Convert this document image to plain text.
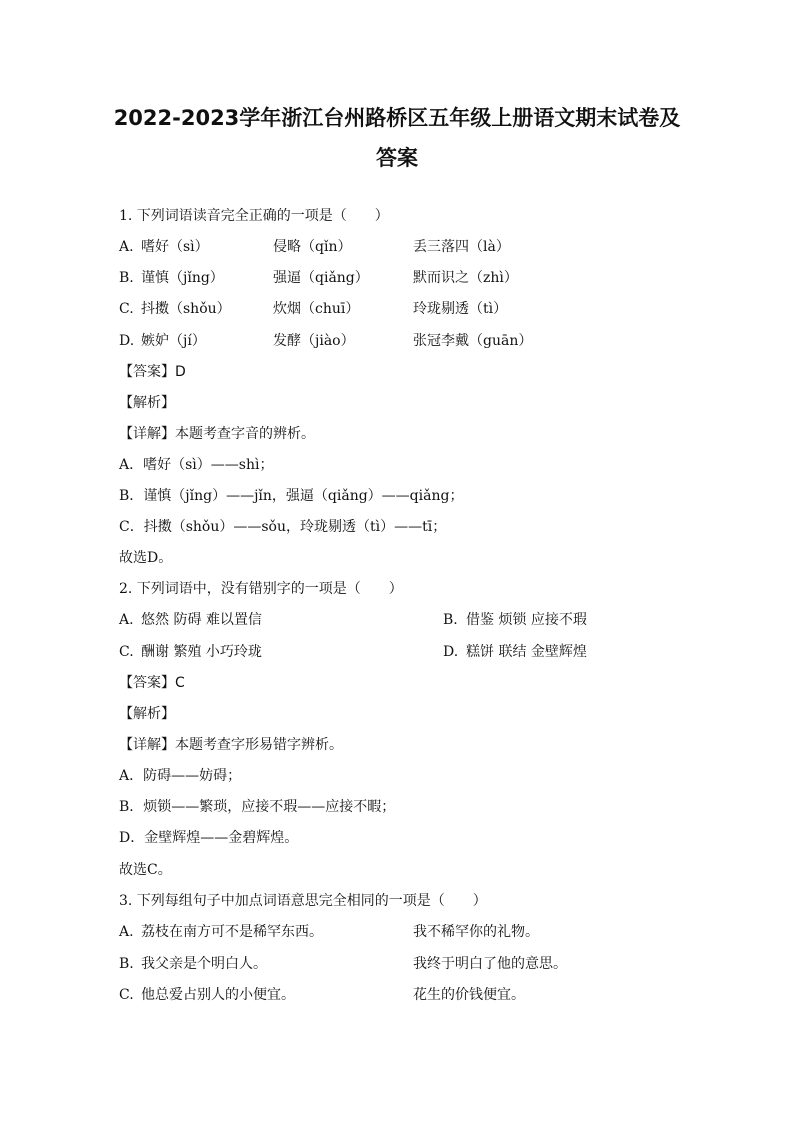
2022-2023学年浙江台州路桥区五年级上册语文期末试卷及
答案
1. 下列词语读音完全正确的一项是（　　）
A. 嗜好（sì）	侵略（qǐn）	丢三落四（là）
B. 谨慎（jǐng）	强逼（qiǎng）	默而识之（zhì）
C. 抖擞（shǒu）	炊烟（chuī）	玲珑剔透（tì）
D. 嫉妒（jí）	发酵（jiào）	张冠李戴（guān）
【答案】D
【解析】
【详解】本题考查字音的辨析。
A．嗜好（sì）——shì；
B．谨慎（jǐng）——jǐn，强逼（qiǎng）——qiǎng；
C．抖擞（shǒu）——sǒu，玲珑剔透（tì）——tī；
故选D。
2. 下列词语中，没有错别字的一项是（　　）
A. 悠然 防碍 难以置信	B. 借鉴 烦锁 应接不瑕
C. 酬谢 繁殖 小巧玲珑	D. 糕饼 联结 金壁辉煌
【答案】C
【解析】
【详解】本题考查字形易错字辨析。
A．防碍——妨碍；
B．烦锁——繁琐，应接不瑕——应接不暇；
D．金壁辉煌——金碧辉煌。
故选C。
3. 下列每组句子中加点词语意思完全相同的一项是（　　）
A. 荔枝在南方可不是稀罕东西。	我不稀罕你的礼物。
B. 我父亲是个明白人。	我终于明白了他的意思。
C. 他总爱占别人的小便宜。	花生的价钱便宜。
